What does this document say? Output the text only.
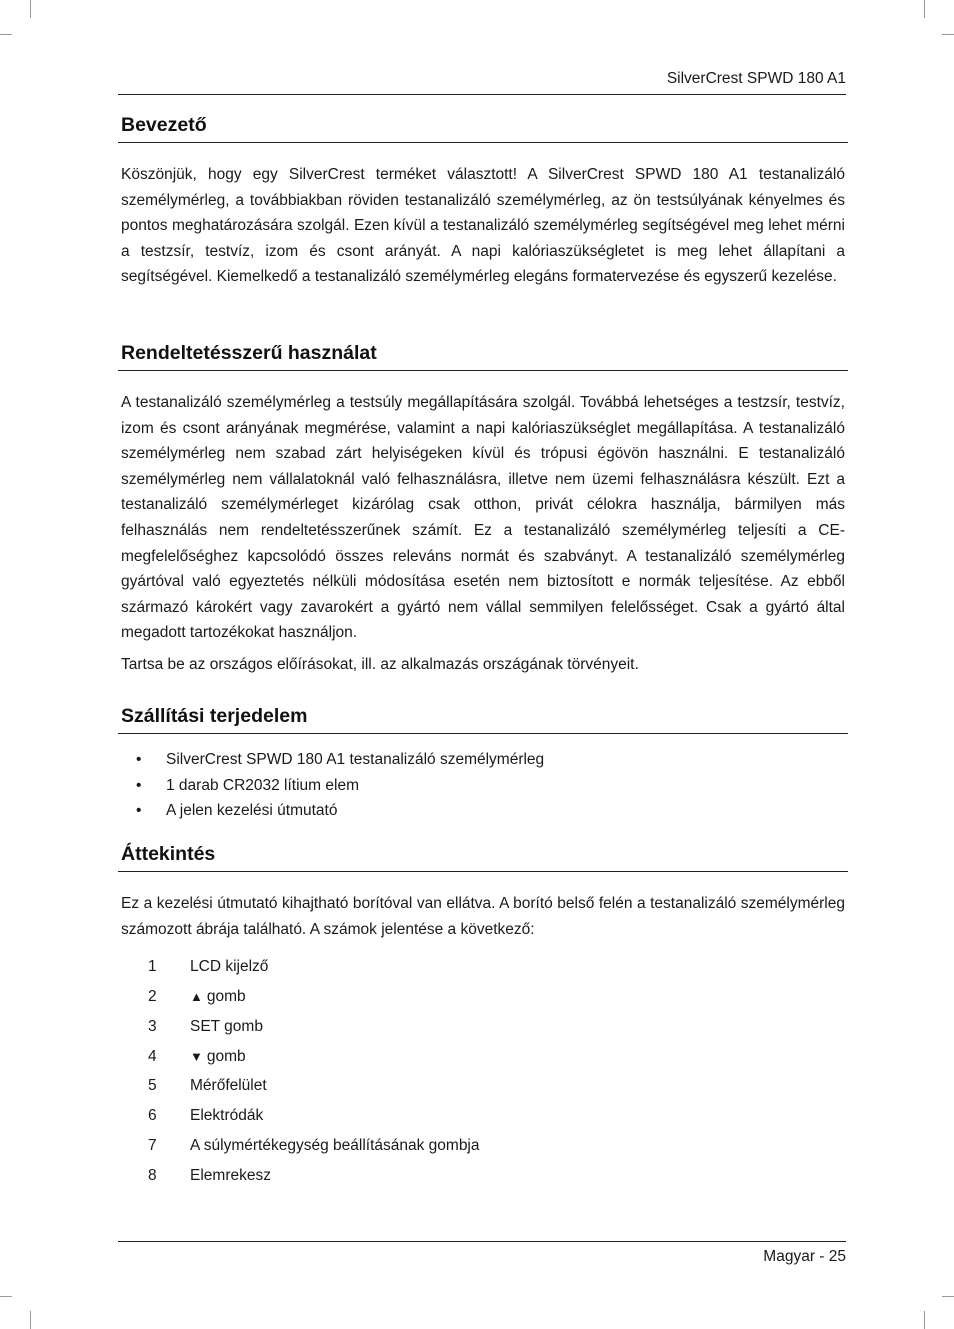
SilverCrest SPWD 180 A1
Bevezető

Köszönjük, hogy egy SilverCrest terméket választott! A SilverCrest SPWD 180 A1 testanalizáló személymérleg, a továbbiakban röviden testanalizáló személymérleg, az ön testsúlyának kényelmes és pontos meghatározására szolgál. Ezen kívül a testanalizáló személymérleg segítségével meg lehet mérni a testzsír, testvíz, izom és csont arányát. A napi kalóriaszükségletet is meg lehet állapítani a segítségével. Kiemelkedő a testanalizáló személymérleg elegáns formatervezése és egyszerű kezelése.

Rendeltetésszerű használat

A testanalizáló személymérleg a testsúly megállapítására szolgál. Továbbá lehetséges a testzsír, testvíz, izom és csont arányának megmérése, valamint a napi kalóriaszükséglet megállapítása. A testanalizáló személymérleg nem szabad zárt helyiségeken kívül és trópusi égövön használni. E testanalizáló személymérleg nem vállalatoknál való felhasználásra, illetve nem üzemi felhasználásra készült. Ezt a testanalizáló személymérleget kizárólag csak otthon, privát célokra használja, bármilyen más felhasználás nem rendeltetésszerűnek számít. Ez a testanalizáló személymérleg teljesíti a CE-megfelelőséghez kapcsolódó összes releváns normát és szabványt. A testanalizáló személymérleg gyártóval való egyeztetés nélküli módosítása esetén nem biztosított e normák teljesítése. Az ebből származó károkért vagy zavarokért a gyártó nem vállal semmilyen felelősséget. Csak a gyártó által megadott tartozékokat használjon.

Tartsa be az országos előírásokat, ill. az alkalmazás országának törvényeit.

Szállítási terjedelem
• SilverCrest SPWD 180 A1 testanalizáló személymérleg
• 1 darab CR2032 lítium elem
• A jelen kezelési útmutató
Áttekintés

Ez a kezelési útmutató kihajtható borítóval van ellátva. A borító belső felén a testanalizáló személymérleg számozott ábrája található. A számok jelentése a következő:

1	LCD kijelző
2	▲ gomb
3	SET gomb
4	▼ gomb
5	Mérőfelület
6	Elektródák
7	A súlymértékegység beállításának gombja
8	Elemrekesz
Magyar - 25
